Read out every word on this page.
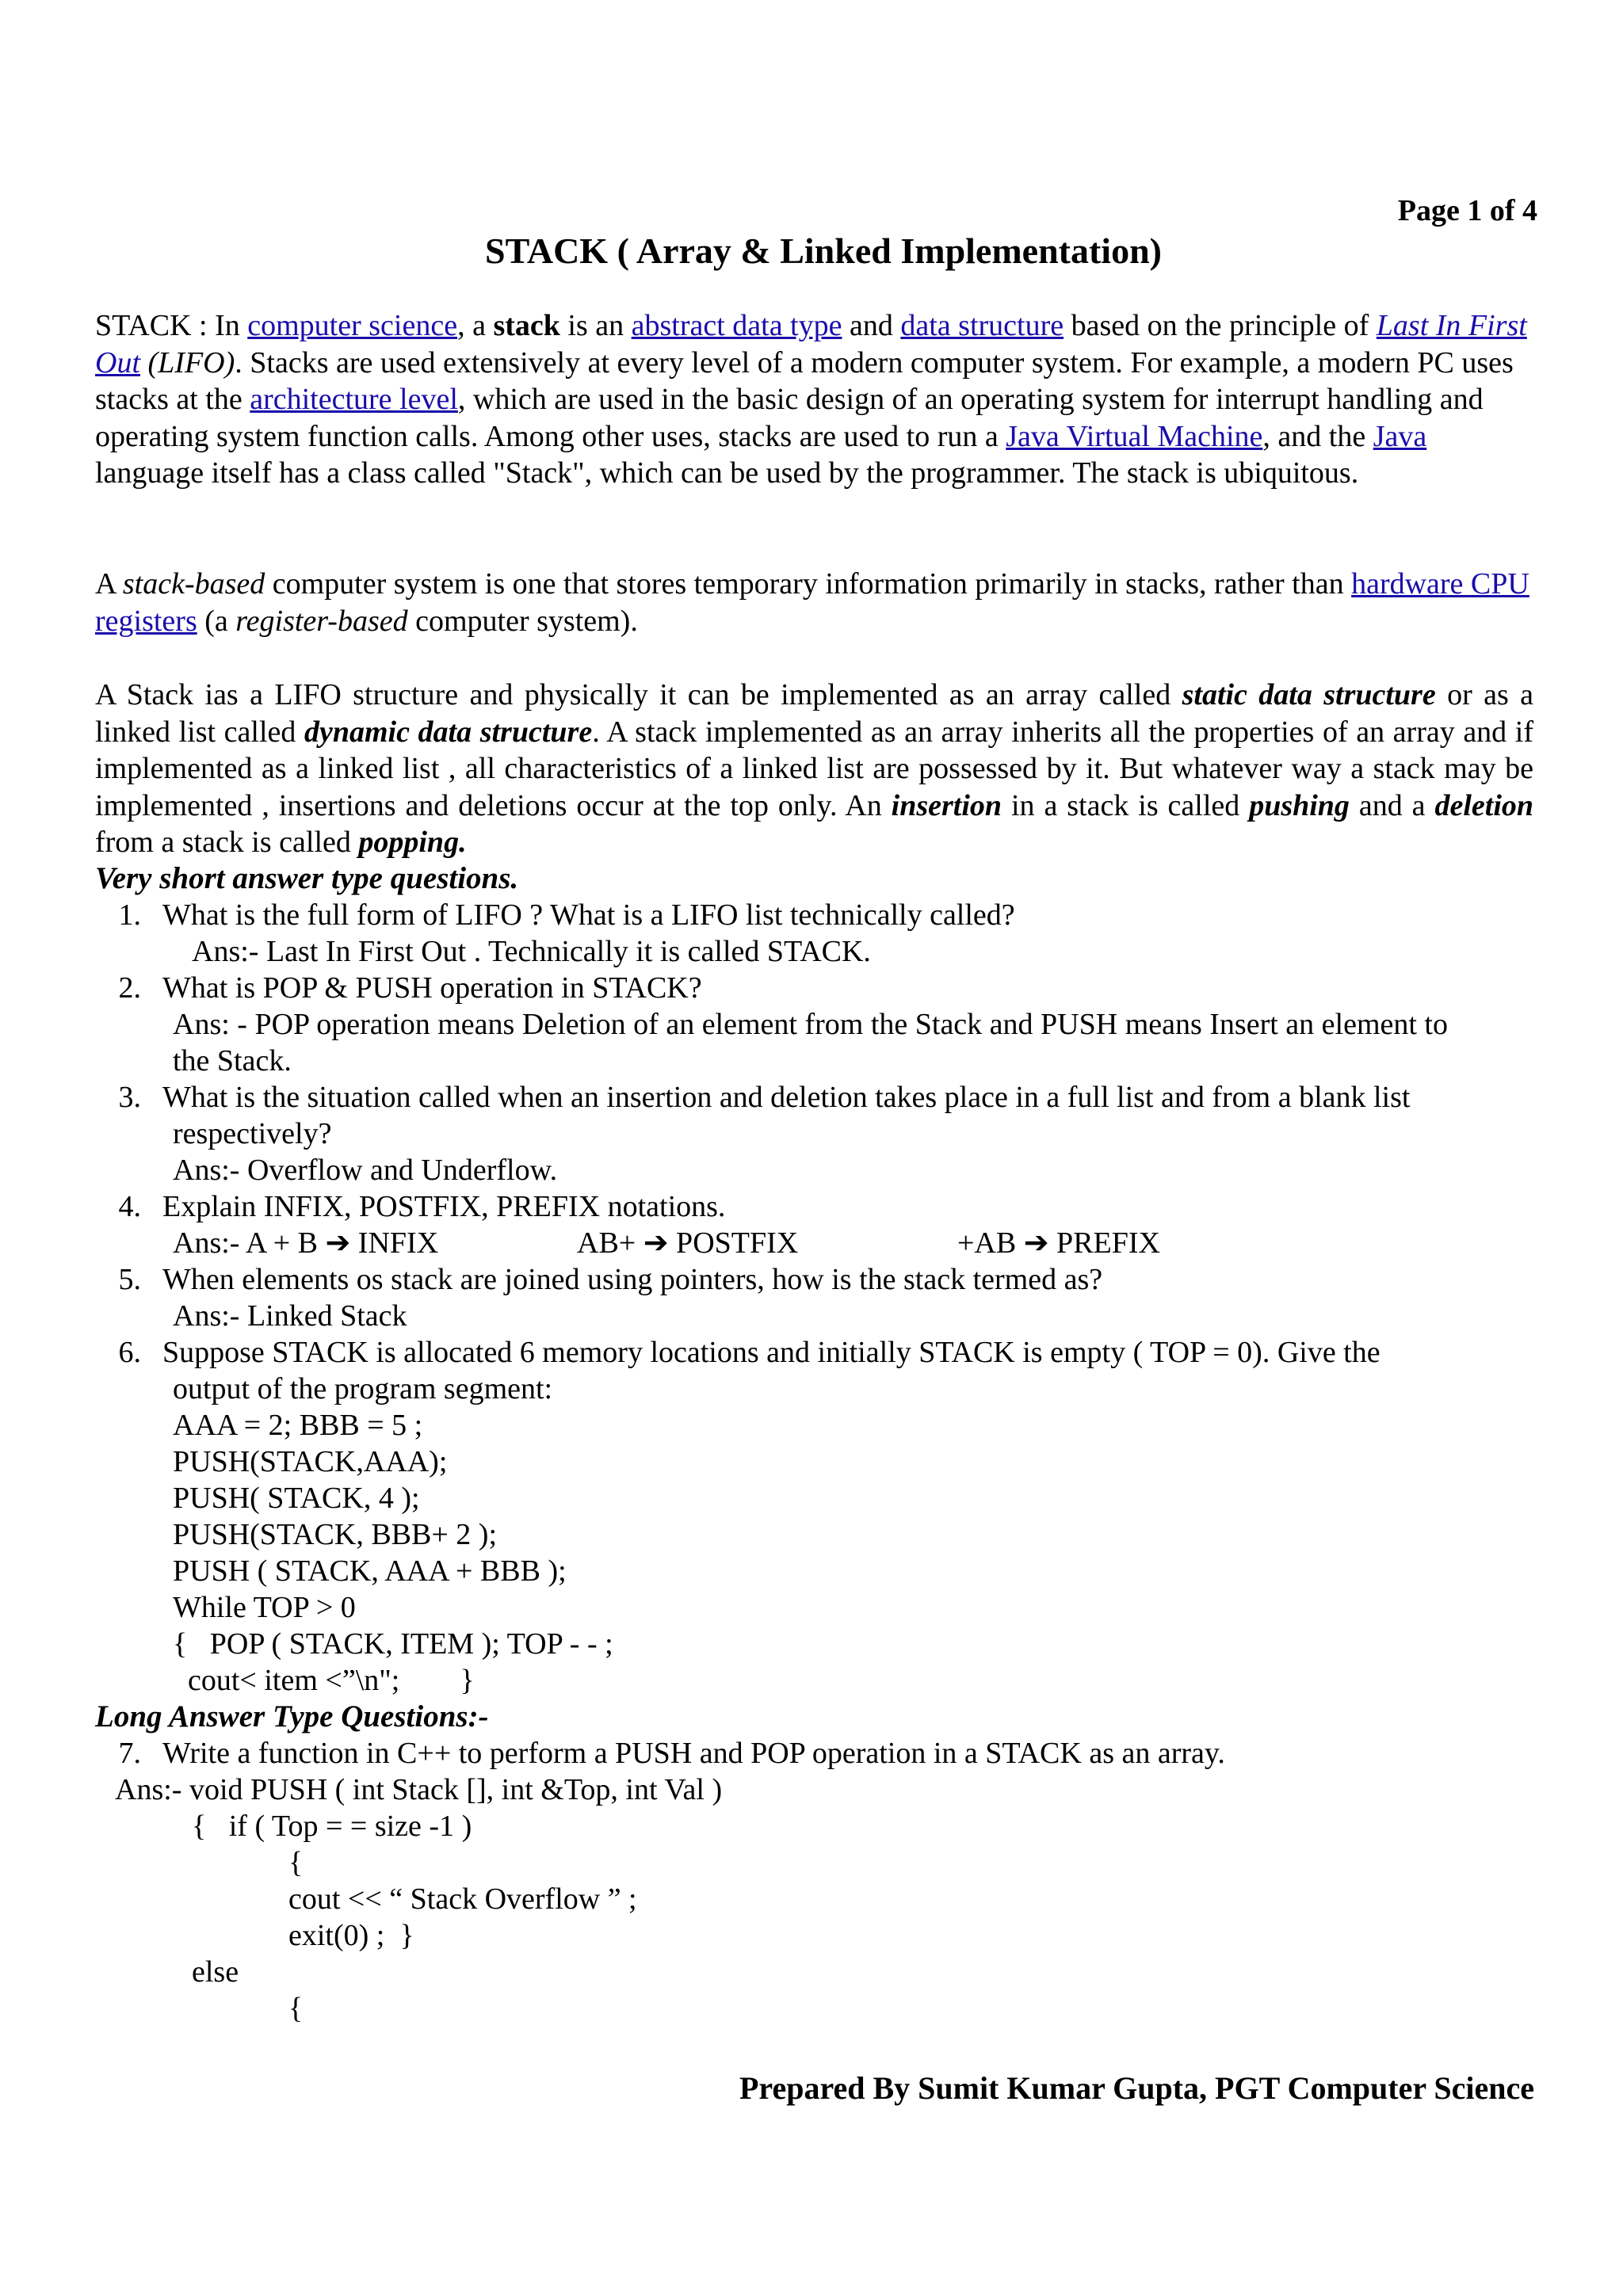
Page 1 of 4
STACK ( Array & Linked Implementation)
STACK : In computer science, a stack is an abstract data type and data structure based on the principle of Last In First Out (LIFO). Stacks are used extensively at every level of a modern computer system. For example, a modern PC uses stacks at the architecture level, which are used in the basic design of an operating system for interrupt handling and operating system function calls. Among other uses, stacks are used to run a Java Virtual Machine, and the Java language itself has a class called "Stack", which can be used by the programmer. The stack is ubiquitous.
A stack-based computer system is one that stores temporary information primarily in stacks, rather than hardware CPU registers (a register-based computer system).
A Stack ias a LIFO structure and physically it can be implemented as an array called static data structure or as a linked list called dynamic data structure. A stack implemented as an array inherits all the properties of an array and if implemented as a linked list , all characteristics of a linked list are possessed by it. But whatever way a stack may be implemented , insertions and deletions occur at the top only. An insertion in a stack is called pushing and a deletion from a stack is called popping.
Very short answer type questions.
1. What is the full form of LIFO ? What is a LIFO list technically called?
Ans:- Last In First Out . Technically it is called STACK.
2. What is POP & PUSH operation in STACK?
Ans: - POP operation means Deletion of an element from the Stack and PUSH means Insert an element to
the Stack.
3. What is the situation called when an insertion and deletion takes place in a full list and from a blank list
respectively?
Ans:- Overflow and Underflow.
4. Explain INFIX, POSTFIX, PREFIX notations.
Ans:- A + B ➔ INFIX	AB+ ➔ POSTFIX	+AB ➔ PREFIX
5. When elements os stack are joined using pointers, how is the stack termed as?
Ans:- Linked Stack
6. Suppose STACK is allocated 6 memory locations and initially STACK is empty ( TOP = 0). Give the
output of the program segment:
AAA = 2; BBB = 5 ;
PUSH(STACK,AAA);
PUSH( STACK, 4 );
PUSH(STACK, BBB+ 2 );
PUSH ( STACK, AAA + BBB );
While TOP > 0
{   POP ( STACK, ITEM ); TOP - - ;
cout< item <”\n";        }
Long Answer Type Questions:-
7. Write a function in C++ to perform a PUSH and POP operation in a STACK as an array.
Ans:- void PUSH ( int Stack [], int &Top, int Val )
{   if ( Top = = size -1 )
{
cout << “ Stack Overflow ” ;
exit(0) ;  }
else
{
Prepared By Sumit Kumar Gupta, PGT Computer Science
